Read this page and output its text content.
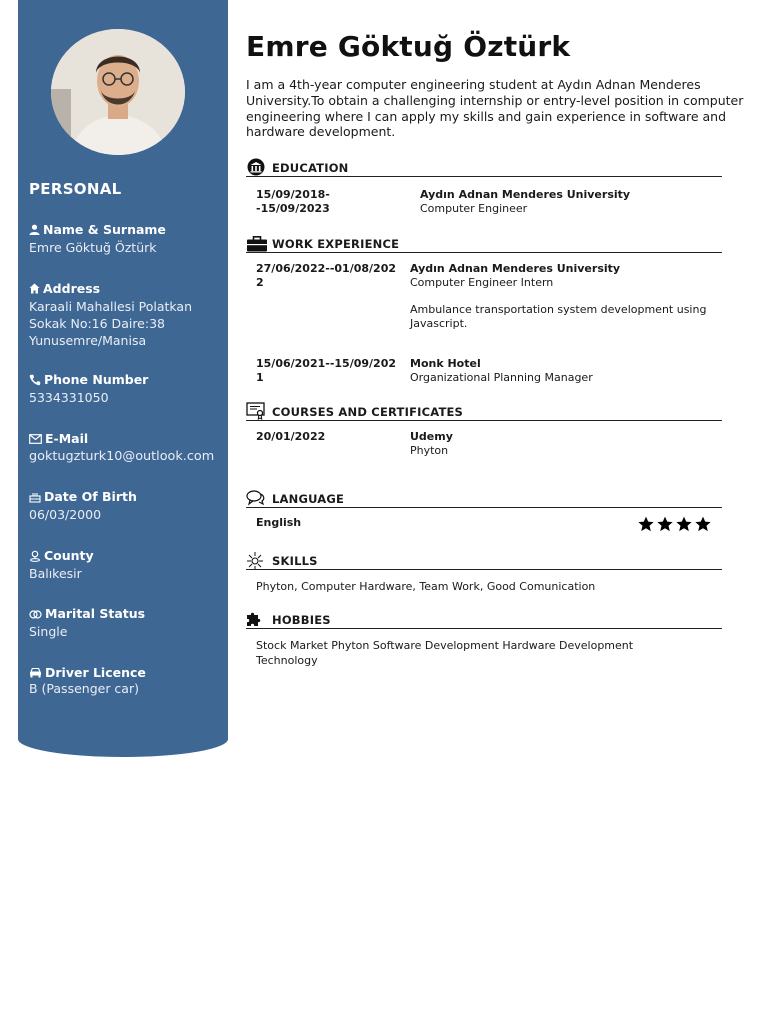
PERSONAL
Name & Surname
Emre Göktuğ Öztürk
Address
Karaali Mahallesi Polatkan Sokak No:16 Daire:38 Yunusemre/Manisa
Phone Number
5334331050
E-Mail
goktugzturk10@outlook.com
Date Of Birth
06/03/2000
County
Balıkesir
Marital Status
Single
Driver Licence
B (Passenger car)
Emre Göktuğ Öztürk
I am a 4th-year computer engineering student at Aydın Adnan Menderes University.To obtain a challenging internship or entry-level position in computer engineering where I can apply my skills and gain experience in software and hardware development.
EDUCATION
15/09/2018--15/09/2023
Aydın Adnan Menderes University
Computer Engineer
WORK EXPERIENCE
27/06/2022--01/08/202
2
Aydın Adnan Menderes University
Computer Engineer Intern
Ambulance transportation system development using Javascript.
15/06/2021--15/09/202
1
Monk Hotel
Organizational Planning Manager
COURSES AND CERTIFICATES
20/01/2022	Udemy
Phyton
LANGUAGE
English
SKILLS
Phyton, Computer Hardware, Team Work, Good Comunication
HOBBIES
Stock Market Phyton Software Development Hardware Development Technology
